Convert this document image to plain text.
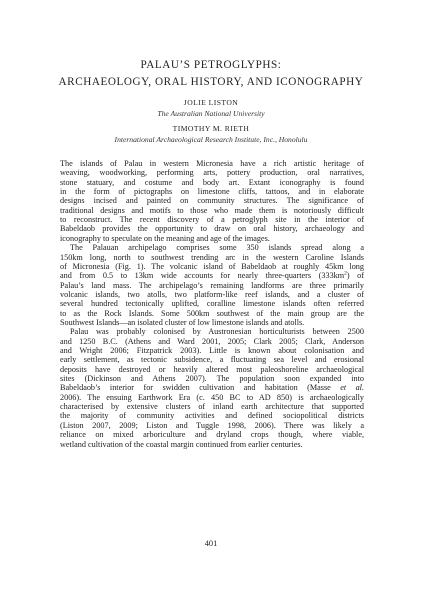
PALAU’S PETROGLYPHS:
ARCHAEOLOGY, ORAL HISTORY, AND ICONOGRAPHY
JOLIE LISTON
The Australian National University
TIMOTHY M. RIETH
International Archaeological Research Institute, Inc., Honolulu
The islands of Palau in western Micronesia have a rich artistic heritage of
weaving, woodworking, performing arts, pottery production, oral narratives,
stone statuary, and costume and body art. Extant iconography is found
in the form of pictographs on limestone cliffs, tattoos, and in elaborate
designs incised and painted on community structures. The significance of
traditional designs and motifs to those who made them is notoriously difficult
to reconstruct. The recent discovery of a petroglyph site in the interior of
Babeldaob provides the opportunity to draw on oral history, archaeology and
iconography to speculate on the meaning and age of the images.
The Palauan archipelago comprises some 350 islands spread along a
150km long, north to southwest trending arc in the western Caroline Islands
of Micronesia (Fig. 1). The volcanic island of Babeldaob at roughly 45km long
and from 0.5 to 13km wide accounts for nearly three-quarters $(333km^2)$ of
Palau’s land mass. The archipelago’s remaining landforms are three primarily
volcanic islands, two atolls, two platform-like reef islands, and a cluster of
several hundred tectonically uplifted, coralline limestone islands often referred
to as the Rock Islands. Some 500km southwest of the main group are the
Southwest Islands—an isolated cluster of low limestone islands and atolls.
Palau was probably colonised by Austronesian horticulturists between 2500
and 1250 B.C. (Athens and Ward 2001, 2005; Clark 2005; Clark, Anderson
and Wright 2006; Fitzpatrick 2003). Little is known about colonisation and
early settlement, as tectonic subsidence, a fluctuating sea level and erosional
deposits have destroyed or heavily altered most paleoshoreline archaeological
sites (Dickinson and Athens 2007). The population soon expanded into
Babeldaob’s interior for swidden cultivation and habitation (Masse et al.
2006). The ensuing Earthwork Era (c. 450 BC to AD 850) is archaeologically
characterised by extensive clusters of inland earth architecture that supported
the majority of community activities and defined sociopolitical districts
(Liston 2007, 2009; Liston and Tuggle 1998, 2006). There was likely a
reliance on mixed arboriculture and dryland crops though, where viable,
wetland cultivation of the coastal margin continued from earlier centuries.
401
